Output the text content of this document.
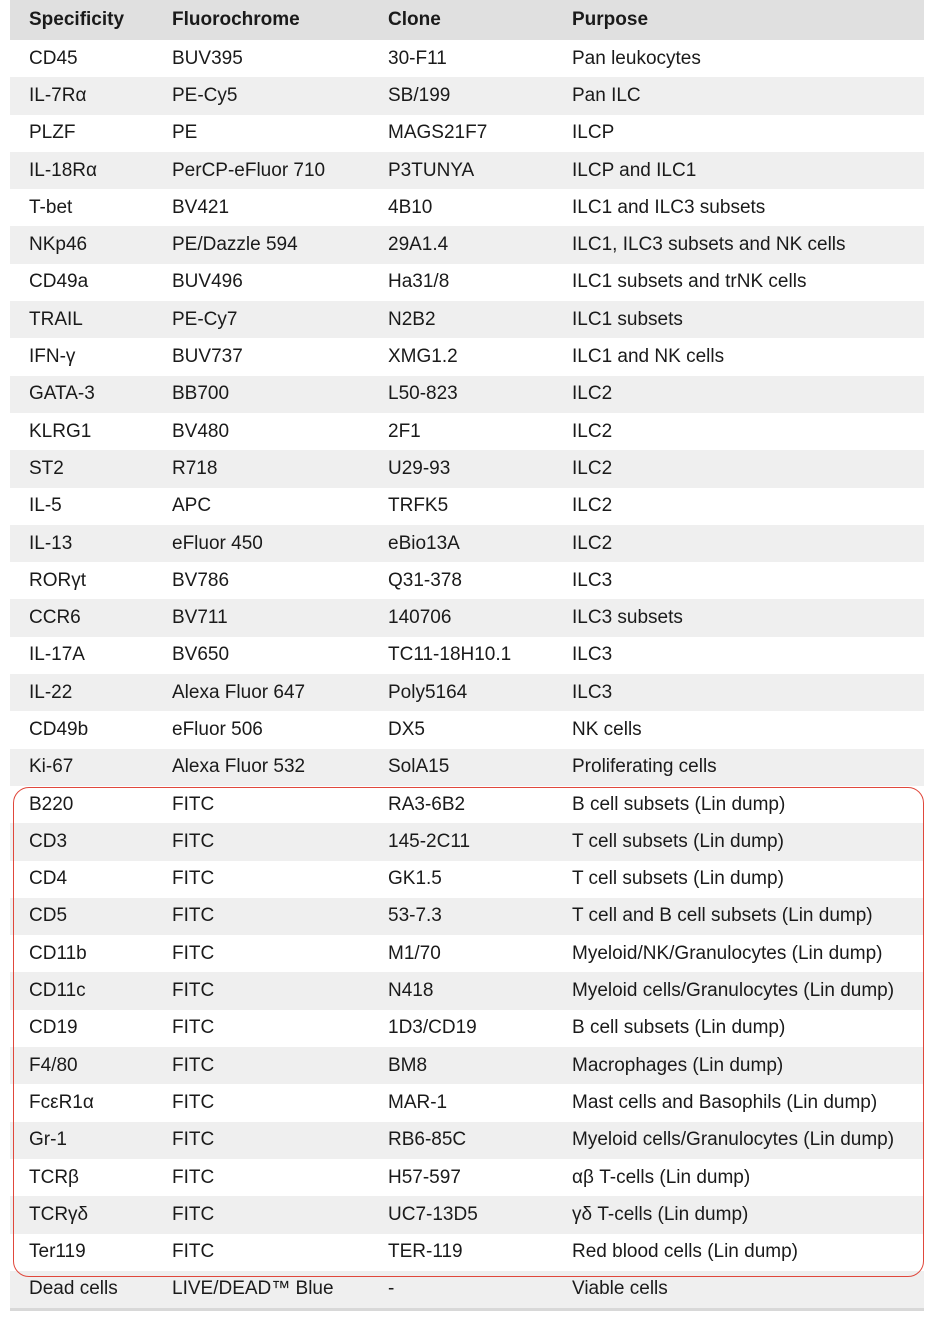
Specificity	Fluorochrome	Clone	Purpose
CD45	BUV395	30-F11	Pan leukocytes
IL-7Rα	PE-Cy5	SB/199	Pan ILC
PLZF	PE	MAGS21F7	ILCP
IL-18Rα	PerCP-eFluor 710	P3TUNYA	ILCP and ILC1
T-bet	BV421	4B10	ILC1 and ILC3 subsets
NKp46	PE/Dazzle 594	29A1.4	ILC1, ILC3 subsets and NK cells
CD49a	BUV496	Ha31/8	ILC1 subsets and trNK cells
TRAIL	PE-Cy7	N2B2	ILC1 subsets
IFN-γ	BUV737	XMG1.2	ILC1 and NK cells
GATA-3	BB700	L50-823	ILC2
KLRG1	BV480	2F1	ILC2
ST2	R718	U29-93	ILC2
IL-5	APC	TRFK5	ILC2
IL-13	eFluor 450	eBio13A	ILC2
RORγt	BV786	Q31-378	ILC3
CCR6	BV711	140706	ILC3 subsets
IL-17A	BV650	TC11-18H10.1	ILC3
IL-22	Alexa Fluor 647	Poly5164	ILC3
CD49b	eFluor 506	DX5	NK cells
Ki-67	Alexa Fluor 532	SolA15	Proliferating cells
B220	FITC	RA3-6B2	B cell subsets (Lin dump)
CD3	FITC	145-2C11	T cell subsets (Lin dump)
CD4	FITC	GK1.5	T cell subsets (Lin dump)
CD5	FITC	53-7.3	T cell and B cell subsets (Lin dump)
CD11b	FITC	M1/70	Myeloid/NK/Granulocytes (Lin dump)
CD11c	FITC	N418	Myeloid cells/Granulocytes (Lin dump)
CD19	FITC	1D3/CD19	B cell subsets (Lin dump)
F4/80	FITC	BM8	Macrophages (Lin dump)
FcεR1α	FITC	MAR-1	Mast cells and Basophils (Lin dump)
Gr-1	FITC	RB6-85C	Myeloid cells/Granulocytes (Lin dump)
TCRβ	FITC	H57-597	αβ T-cells (Lin dump)
TCRγδ	FITC	UC7-13D5	γδ T-cells (Lin dump)
Ter119	FITC	TER-119	Red blood cells (Lin dump)
Dead cells	LIVE/DEAD™ Blue	-	Viable cells
